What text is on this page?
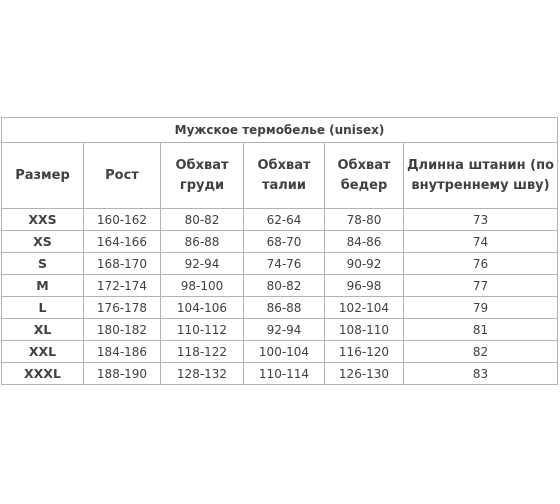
Мужское термобелье (unisex)					
Размер	Рост	Обхват груди	Обхват талии	Обхват бедер	Длинна штанин (по внутреннему шву)
XXS	160-162	80-82	62-64	78-80	73
XS	164-166	86-88	68-70	84-86	74
S	168-170	92-94	74-76	90-92	76
M	172-174	98-100	80-82	96-98	77
L	176-178	104-106	86-88	102-104	79
XL	180-182	110-112	92-94	108-110	81
XXL	184-186	118-122	100-104	116-120	82
XXXL	188-190	128-132	110-114	126-130	83
